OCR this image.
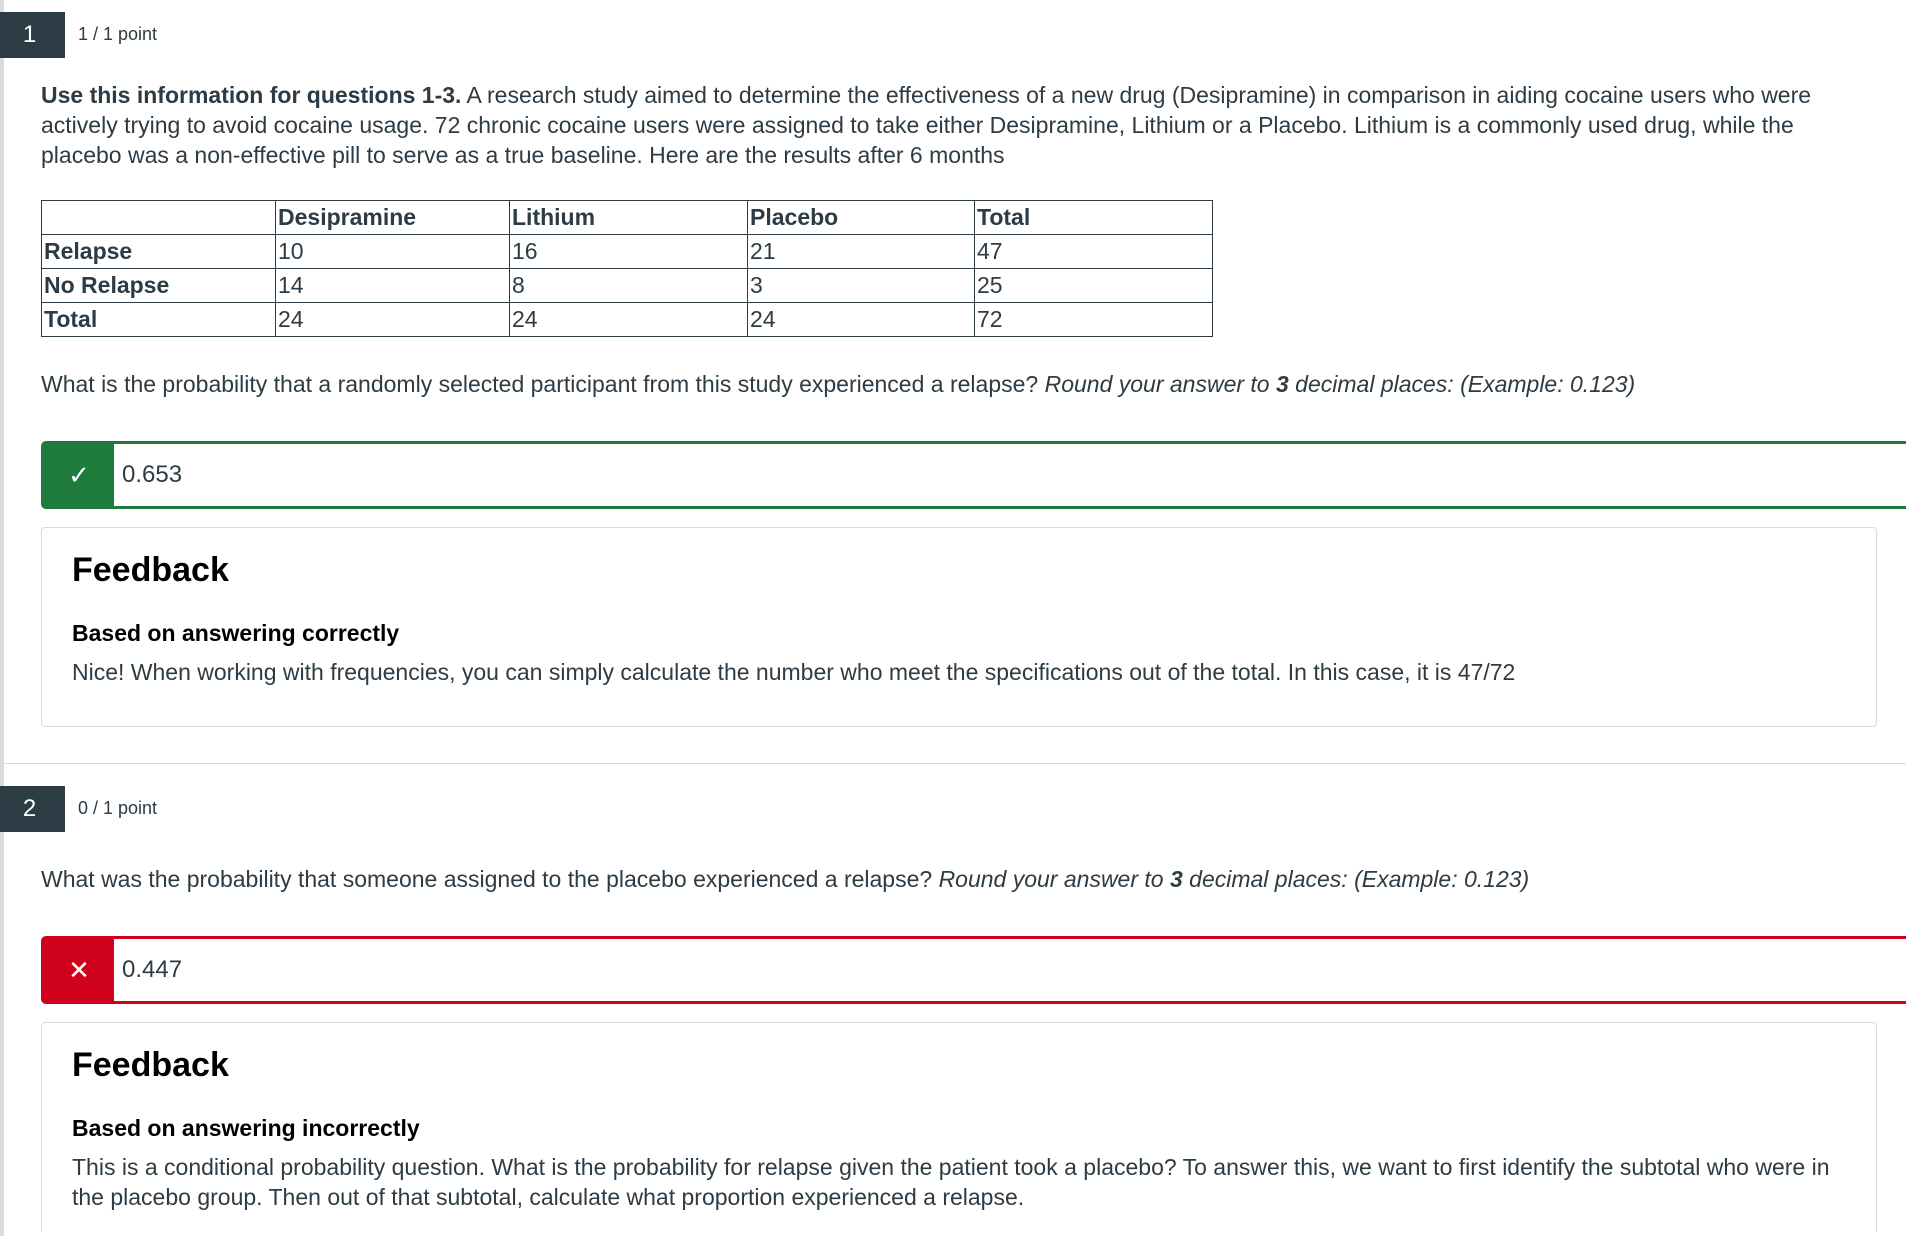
1	1 / 1 point

Use this information for questions 1-3. A research study aimed to determine the effectiveness of a new drug (Desipramine) in comparison in aiding cocaine users who were actively trying to avoid cocaine usage. 72 chronic cocaine users were assigned to take either Desipramine, Lithium or a Placebo. Lithium is a commonly used drug, while the placebo was a non-effective pill to serve as a true baseline. Here are the results after 6 months

	Desipramine	Lithium	Placebo	Total
Relapse	10	16	21	47
No Relapse	14	8	3	25
Total	24	24	24	72

What is the probability that a randomly selected participant from this study experienced a relapse? Round your answer to 3 decimal places: (Example: 0.123)

✓	0.653
Feedback
Based on answering correctly
Nice! When working with frequencies, you can simply calculate the number who meet the specifications out of the total. In this case, it is 47/72
2	0 / 1 point

What was the probability that someone assigned to the placebo experienced a relapse? Round your answer to 3 decimal places: (Example: 0.123)

✕	0.447
Feedback
Based on answering incorrectly
This is a conditional probability question. What is the probability for relapse given the patient took a placebo? To answer this, we want to first identify the subtotal who were in the placebo group. Then out of that subtotal, calculate what proportion experienced a relapse.
